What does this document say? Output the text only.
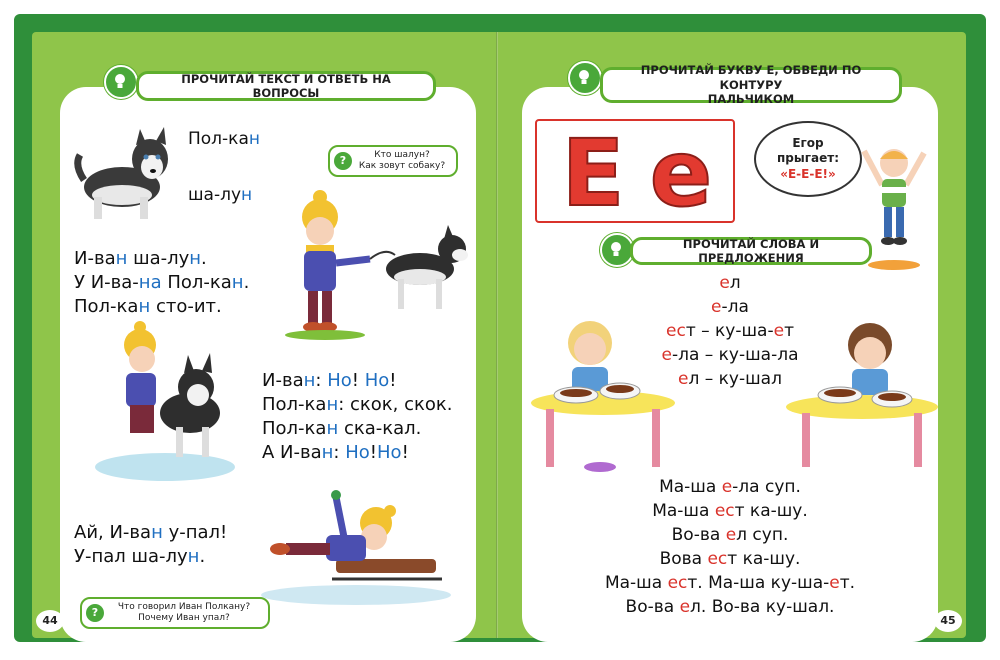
ПРОЧИТАЙ ТЕКСТ И ОТВЕТЬ НА ВОПРОСЫ
Пол-кан
ша-лун
?	Кто шалун?
Как зовут собаку?
И-ван ша-лун.
У И-ва-на Пол-кан.
Пол-кан сто-ит.
И-ван: Но! Но!
Пол-кан: скок, скок.
Пол-кан ска-кал.
А И-ван: Но!Но!
Ай, И-ван у-пал!
У-пал ша-лун.
?	Что говорил Иван Полкану?
Почему Иван упал?
44
ПРОЧИТАЙ БУКВУ Е, ОБВЕДИ ПО КОНТУРУ
ПАЛЬЧИКОМ
Е е	Егор
прыгает:
«Е-Е-Е!»
ПРОЧИТАЙ СЛОВА И ПРЕДЛОЖЕНИЯ
ел
е-ла
ест – ку-ша-ет
е-ла – ку-ша-ла
ел – ку-шал
Ма-ша е-ла суп.
Ма-ша ест ка-шу.
Во-ва ел суп.
Вова ест ка-шу.
Ма-ша ест. Ма-ша ку-ша-ет.
Во-ва ел. Во-ва ку-шал.
45
